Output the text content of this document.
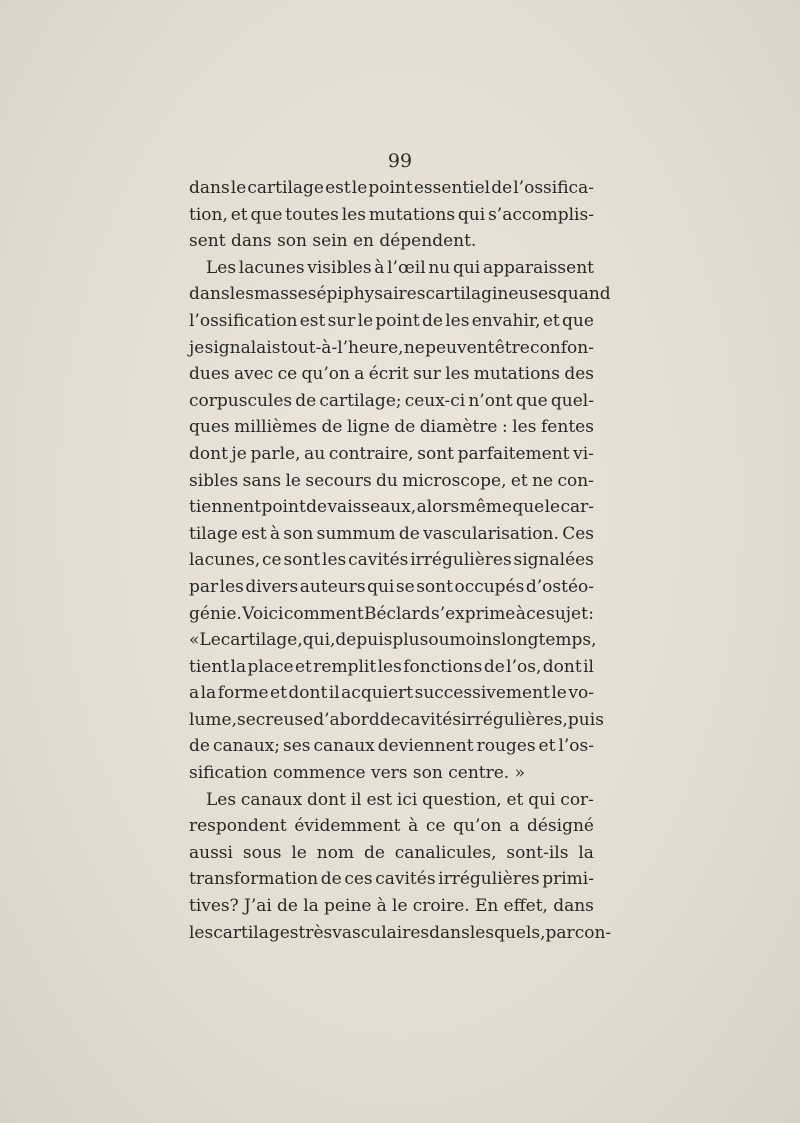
99
dans le cartilage est le point essentiel de l’ossifica-
tion, et que toutes les mutations qui s’accomplis-
sent dans son sein en dépendent.
Les lacunes visibles à l’œil nu qui apparaissent
dans les masses épiphysaires cartilagineuses quand
l’ossification est sur le point de les envahir, et que
je signalais tout-à-l’heure, ne peuvent être confon-
dues avec ce qu’on a écrit sur les mutations des
corpuscules de cartilage; ceux-ci n’ont que quel-
ques millièmes de ligne de diamètre : les fentes
dont je parle, au contraire, sont parfaitement vi-
sibles sans le secours du microscope, et ne con-
tiennent point de vaisseaux, alors même que le car-
tilage est à son summum de vascularisation. Ces
lacunes, ce sont les cavités irrégulières signalées
par les divers auteurs qui se sont occupés d’ostéo-
génie. Voici comment Béclard s’exprime à ce sujet :
« Le cartilage, qui, depuis plus ou moins longtemps,
tient la place et remplit les fonctions de l’os, dont il
a la forme et dont il acquiert successivement le vo-
lume, se creuse d’abord de cavités irrégulières, puis
de canaux; ses canaux deviennent rouges et l’os-
sification commence vers son centre. »
Les canaux dont il est ici question, et qui cor-
respondent évidemment à ce qu’on a désigné
aussi sous le nom de canalicules, sont-ils la
transformation de ces cavités irrégulières primi-
tives? J’ai de la peine à le croire. En effet, dans
les cartilages très vasculaires dans lesquels, par con-
